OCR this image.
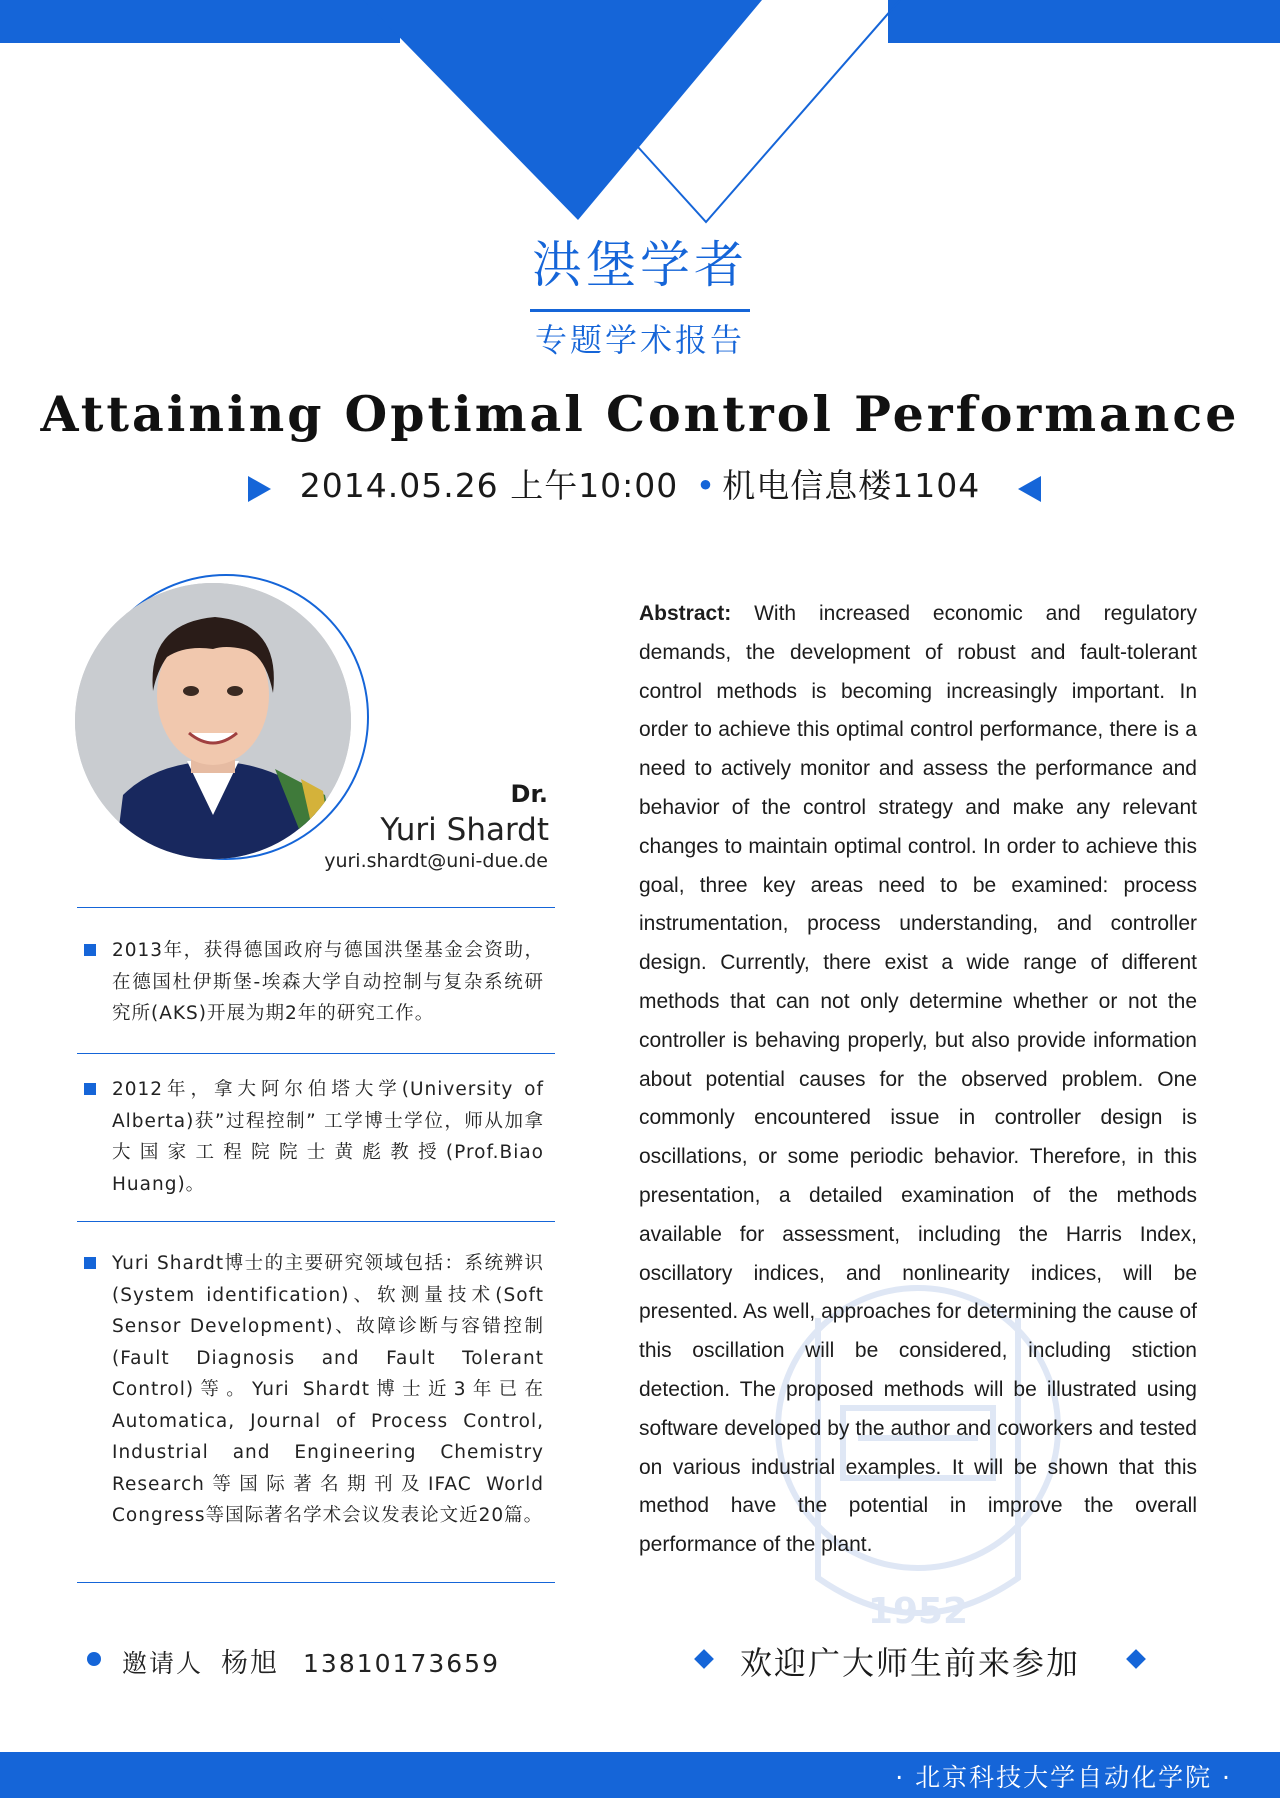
洪堡学者
专题学术报告
Attaining Optimal Control Performance
2014.05.26 上午10:00 • 机电信息楼1104
Dr.
Yuri Shardt
yuri.shardt@uni-due.de
2013年，获得德国政府与德国洪堡基金会资助，在德国杜伊斯堡-埃森大学自动控制与复杂系统研究所(AKS)开展为期2年的研究工作。
2012年，拿大阿尔伯塔大学(University of Alberta)获”过程控制” 工学博士学位，师从加拿大国家工程院院士黄彪教授(Prof.Biao Huang)。
Yuri Shardt博士的主要研究领域包括：系统辨识(System identification)、软测量技术(Soft Sensor Development)、故障诊断与容错控制(Fault Diagnosis and Fault Tolerant Control)等。Yuri Shardt博士近3年已在Automatica, Journal of Process Control, Industrial and Engineering Chemistry Research等国际著名期刊及IFAC World Congress等国际著名学术会议发表论文近20篇。
1952
Abstract: With increased economic and regulatory demands, the development of robust and fault-tolerant control methods is becoming increasingly important. In order to achieve this optimal control performance, there is a need to actively monitor and assess the performance and behavior of the control strategy and make any relevant changes to maintain optimal control. In order to achieve this goal, three key areas need to be examined: process instrumentation, process understanding, and controller design. Currently, there exist a wide range of different methods that can not only determine whether or not the controller is behaving properly, but also provide information about potential causes for the observed problem. One commonly encountered issue in controller design is oscillations, or some periodic behavior. Therefore, in this presentation, a detailed examination of the methods available for assessment, including the Harris Index, oscillatory indices, and nonlinearity indices, will be presented. As well, approaches for determining the cause of this oscillation will be considered, including stiction detection. The proposed methods will be illustrated using software developed by the author and coworkers and tested on various industrial examples. It will be shown that this method have the potential in improve the overall performance of the plant.
邀请人 杨旭 13810173659	欢迎广大师生前来参加
· 北京科技大学自动化学院 ·
